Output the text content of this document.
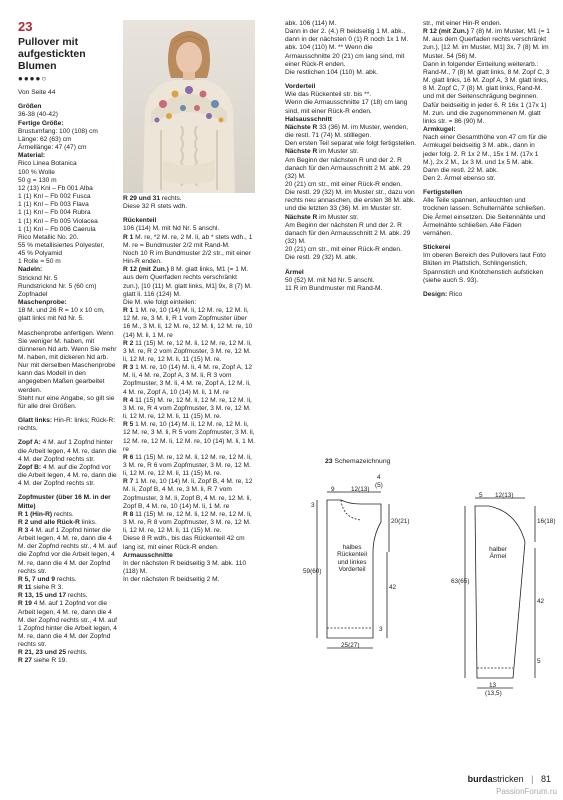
23
Pullover mit
aufgestickten Blumen
●●●●○
Von Seite 44

Größen

36-38 (40-42)

Fertige Größe:

Brustumfang: 100 (108) cm

Länge: 62 (63) cm

Ärmellänge: 47 (47) cm

Material:

Rico Linea Botanica

100 % Wolle

50 g = 130 m

12 (13) Knl – Fb 001 Alba

1 (1) Knl – Fb 002 Fusca

1 (1) Knl – Fb 003 Flava

1 (1) Knl – Fb 004 Rubra

1 (1) Knl – Fb 005 Violacea

1 (1) Knl – Fb 006 Caerula

Rico Metallic No. 20.

55 % metallisiertes Polyester,

45 % Polyamid

1 Rolle = 50 m

Nadeln:

Stricknd Nr. 5

Rundstricknd Nr. 5 (60 cm)

Zopfnadel

Maschenprobe:

18 M. und 26 R = 10 x 10 cm, glatt links mit Nd Nr. 5.

Maschenprobe anfertigen. Wenn Sie weniger M. haben, mit dünneren Nd arb. Wenn Sie mehr M. haben, mit dickeren Nd arb.

Nur mit derselben Maschenprobe kann das Modell in den angegeben Maßen gearbeitet werden.

Steht nur eine Angabe, so gilt sie für alle drei Größen.

Glatt links: Hin-R: links; Rück-R: rechts.

Zopf A: 4 M. auf 1 Zopfnd hinter die Arbeit legen, 4 M. re, dann die 4 M. der Zopfnd rechts str.

Zopf B: 4 M. auf die Zopfnd vor die Arbeit legen, 4 M. re, dann die 4 M. der Zopfnd rechts str.

Zopfmuster (über 16 M. in der Mitte)

R 1 (Hin-R) rechts.

R 2 und alle Rück-R links.

R 3 4 M. auf 1 Zopfnd hinter die Arbeit legen, 4 M. re, dann die 4 M. der Zopfnd rechts str., 4 M. auf die Zopfnd vor die Arbeit legen, 4 M. re, dann die 4 M. der Zopfnd rechts str.

R 5, 7 und 9 rechts.

R 11 siehe R 3.

R 13, 15 und 17 rechts.

R 19 4 M. auf 1 Zopfnd vor die Arbeit legen, 4 M. re, dann die 4 M. der Zopfnd rechts str., 4 M. auf 1 Zopfnd hinter die Arbeit legen, 4 M. re, dann die 4 M. der Zopfnd rechts str.

R 21, 23 und 25 rechts.

R 27 siehe R 19.

R 29 und 31 rechts.

Diese 32 R stets wdh.

Rückenteil

106 (114) M. mit Nd Nr. 5 anschl.

R 1 M. re, *2 M. re, 2 M. li, ab * stets wdh., 1 M. re = Bundmuster 2/2 mit Rand-M.

Noch 10 R im Bundmuster 2/2 str., mit einer Hin-R enden.

R 12 (mit Zun.) 8 M. glatt links, M1 (= 1 M. aus dem Querfaden rechts verschränkt zun.), [10 (11) M. glatt links, M1] 9x, 8 (7) M. glatt li. 116 (124) M.

Die M. wie folgt einteilen:

R 1 1 M. re, 10 (14) M. li, 12 M. re, 12 M. li, 12 M. re, 3 M. li, R 1 vom Zopfmuster über 16 M., 3 M. li, 12 M. re, 12 M. li, 12 M. re, 10 (14) M. li, 1 M. re

R 2 11 (15) M. re, 12 M. li, 12 M. re, 12 M. li, 3 M. re, R 2 vom Zopfmuster, 3 M. re, 12 M. li, 12 M. re, 12 M. li, 11 (15) M. re.

R 3 1 M. re, 10 (14) M. li, 4 M. re, Zopf A, 12 M. li, 4 M. re, Zopf A, 3 M. li, R 3 vom Zopfmuster, 3 M. li, 4 M. re, Zopf A, 12 M. li, 4 M. re, Zopf A, 10 (14) M. li, 1 M. re

R 4 11 (15) M. re, 12 M. li, 12 M. re, 12 M. li, 3 M. re, R 4 vom Zopfmuster, 3 M. re, 12 M. li, 12 M. re, 12 M. li, 11 (15) M. re.

R 5 1 M. re, 10 (14) M. li, 12 M. re, 12 M. li, 12 M. re, 3 M. li, R 5 vom Zopfmuster, 3 M. li, 12 M. re, 12 M. li, 12 M. re, 10 (14) M. li, 1 M. re

R 6 11 (15) M. re, 12 M. li, 12 M. re, 12 M. li, 3 M. re, R 6 vom Zopfmuster, 3 M. re, 12 M. li, 12 M. re, 12 M. li, 11 (15) M. re.

R 7 1 M. re, 10 (14) M. li, Zopf B, 4 M. re, 12 M. li, Zopf B, 4 M. re, 3 M. li, R 7 vom Zopfmuster, 3 M. li, Zopf B, 4 M. re, 12 M. li, Zopf B, 4 M. re, 10 (14) M. li, 1 M. re

R 8 11 (15) M. re, 12 M. li, 12 M. re, 12 M. li, 3 M. re, R 8 vom Zopfmuster, 3 M. re, 12 M. li, 12 M. re, 12 M. li, 11 (15) M. re.

Diese 8 R wdh., bis das Rückenteil 42 cm lang ist, mit einer Rück-R enden.

Armausschnitte

In der nächsten R beidseitig 3 M. abk. 110 (118) M.

In der nächsten R beidseitig 2 M.

abk. 106 (114) M.

Dann in der 2. (4.) R beidseitig 1 M. abk., dann in der nächsten 0 (1) R noch 1x 1 M. abk. 104 (110) M. ** Wenn die Armausschnitte 20 (21) cm lang sind, mit einer Rück-R enden.

Die restlichen 104 (110) M. abk.

Vorderteil

Wie das Rückenteil str. bis **.

Wenn die Armausschnitte 17 (18) cm lang sind, mit einer Rück-R enden.

Halsausschnitt

Nächste R 33 (36) M. im Muster, wenden, die restl. 71 (74) M. stilllegen.

Den ersten Teil separat wie folgt fertigstellen.

Nächste R im Muster str.

Am Beginn der nächsten R und der 2. R danach für den Armausschnitt 2 M. abk. 29 (32) M.

20 (21) cm str., mit einer Rück-R enden.

Die restl. 29 (32) M. im Muster str., dazu von rechts neu annaschen, die ersten 38 M. abk. und die letzten 33 (36) M. im Muster str.

Nächste R im Muster str.

Am Beginn der nächsten R und der 2. R danach für den Armausschnitt 2 M. abk. 29 (32) M.

20 (21) cm str., mit einer Rück-R enden.

Die restl. 29 (32) M. abk.

Ärmel

50 (52) M. mit Nd Nr. 5 anschl.

11 R im Bundmuster mit Rand-M.

str., mit einer Hin-R enden.

R 12 (mit Zun.) 7 (8) M. im Muster, M1 (= 1 M. aus dem Querfaden rechts verschränkt zun.), [12 M. im Muster, M1] 3x, 7 (8) M. im Muster. 54 (56) M.

Dann in folgender Einteilung weiterarb.: Rand-M., 7 (8) M. glatt links, 8 M. Zopf C, 3 M. glatt links, 16 M. Zopf A, 3 M. glatt links, 8 M. Zopf C, 7 (8) M. glatt links, Rand-M. und mit der Seitenschrägung beginnen. Dafür beidseitig in jeder 6. R 16x 1 (17x 1) M. zun. und die zugenommenen M. glatt links str. = 86 (90) M.

Armkugel:

Nach einer Gesamthöhe von 47 cm für die Armkugel beidseitig 3 M. abk., dann in jeder folg. 2. R 1x 2 M., 15x 1 M. (17x 1 M.), 2x 2 M., 1x 3 M. und 1x 5 M. abk.

Dann die restl. 22 M. abk.

Den 2. Ärmel ebenso str.

Fertigstellen

Alle Teile spannen, anfeuchten und trocknen lassen. Schulternähte schließen. Die Ärmel einsetzen. Die Seitennähte und Ärmelnähte schließen. Alle Fäden vernähen.

Stickerei

Im oberen Bereich des Pullovers laut Foto Blüten im Plattstich, Schlingenstich, Spannstich und Knötchenstich aufsticken (siehe auch S. 93).

Design: Rico

23 Schemazeichnung
9	12(13)
4
(5)
3
20(21)
59(60)
42
25(27)
3
halbes
Rückenteil
und linkes
Vorderteil
5 12(13)
16(18)
63(65)
42
5
13
(13,5)
halber
Ärmel
burdastricken | 81
PassionForum.ru
